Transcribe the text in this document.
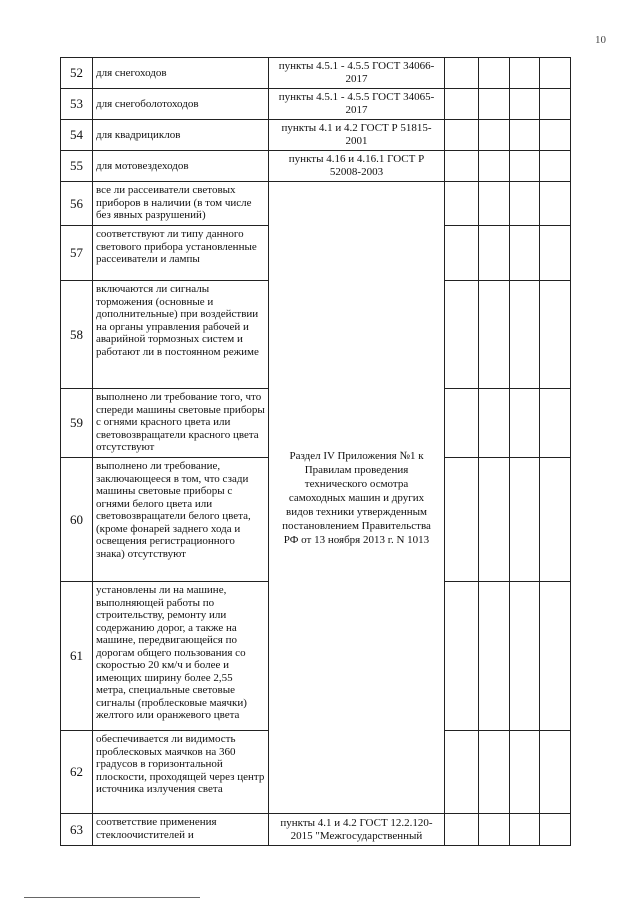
10
52	для снегоходов	пункты 4.5.1 - 4.5.5 ГОСТ 34066-2017				
53	для снегоболотоходов	пункты 4.5.1 - 4.5.5 ГОСТ 34065-2017				
54	для квадрициклов	пункты 4.1 и 4.2 ГОСТ Р 51815-2001				
55	для мотовездеходов	пункты 4.16 и 4.16.1 ГОСТ Р 52008-2003				
56	все ли рассеиватели световых приборов в наличии (в том числе без явных разрушений)	Раздел IV Приложения №1 к Правилам проведения технического осмотра самоходных машин и других видов техники утвержденным постановлением Правительства РФ от 13 ноября 2013 г. N 1013				

57	соответствуют ли типу данного светового прибора установленные рассеиватели и лампы					
58	включаются ли сигналы торможения (основные и дополнительные) при воздействии на органы управления рабочей и аварийной тормозных систем и работают ли в постоянном режиме					
59	выполнено ли требование того, что спереди машины световые приборы с огнями красного цвета или световозвращатели красного цвета отсутствуют					
60	выполнено ли требование, заключающееся в том, что сзади машины световые приборы с огнями белого цвета или световозвращатели белого цвета, (кроме фонарей заднего хода и освещения регистрационного знака) отсутствуют					
61	установлены ли на машине, выполняющей работы по строительству, ремонту или содержанию дорог, а также на машине, передвигающейся по дорогам общего пользования со скоростью 20 км/ч и более и имеющих ширину более 2,55 метра, специальные световые сигналы (проблесковые маячки) желтого или оранжевого цвета					
62	обеспечивается ли видимость проблесковых маячков на 360 градусов в горизонтальной плоскости, проходящей через центр источника излучения света					
63	соответствие применения стеклоочистителей и	пункты 4.1 и 4.2 ГОСТ 12.2.120-2015 "Межгосударственный				
